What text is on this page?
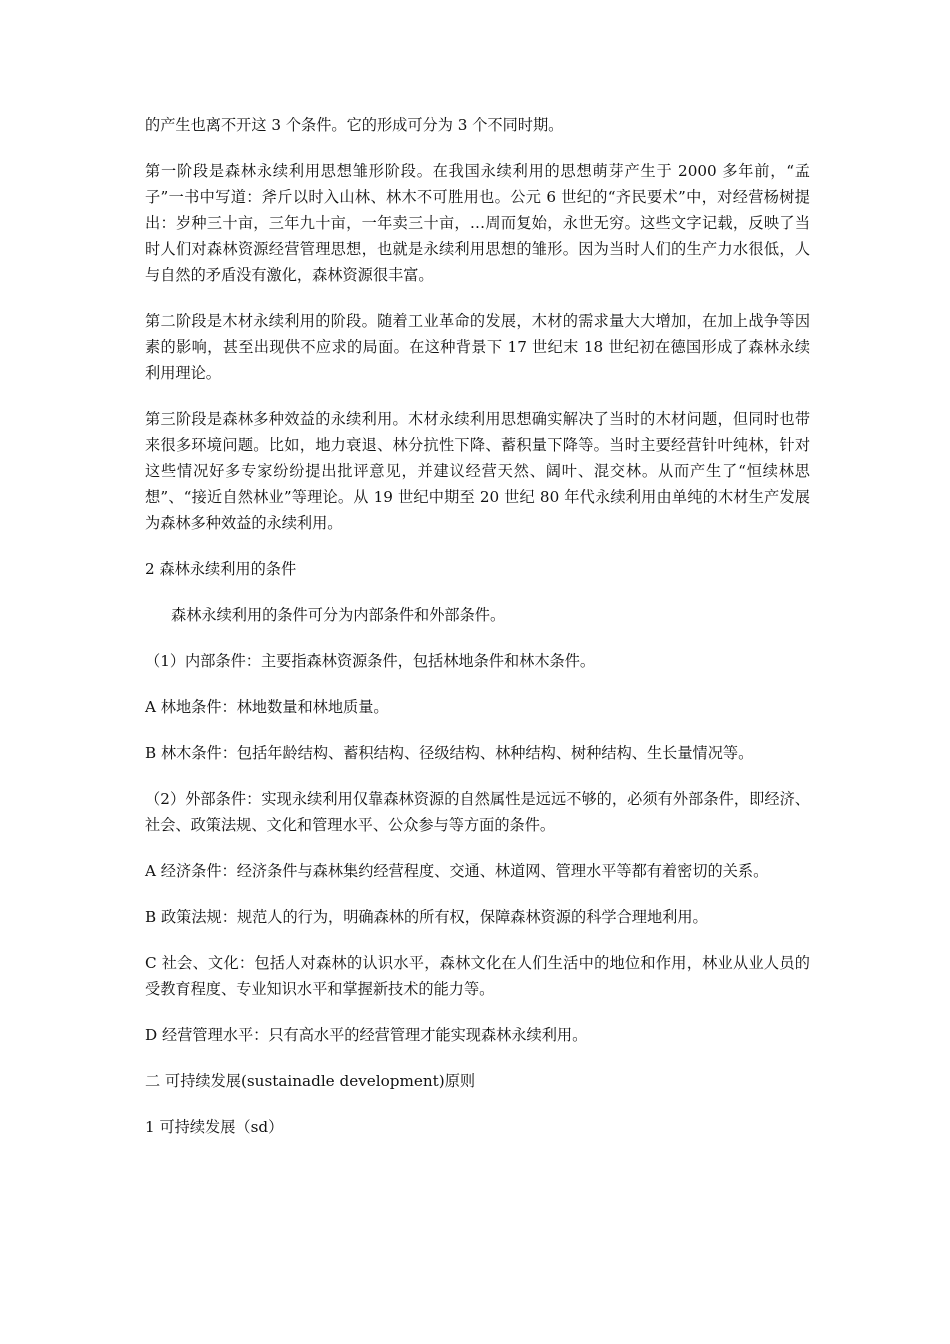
的产生也离不开这 3 个条件。它的形成可分为 3 个不同时期。

第一阶段是森林永续利用思想雏形阶段。在我国永续利用的思想萌芽产生于 2000 多年前，“孟子”一书中写道：斧斤以时入山林、林木不可胜用也。公元 6 世纪的“齐民要术”中，对经营杨树提出：岁种三十亩，三年九十亩，一年卖三十亩，…周而复始，永世无穷。这些文字记载，反映了当时人们对森林资源经营管理思想，也就是永续利用思想的雏形。因为当时人们的生产力水很低，人与自然的矛盾没有激化，森林资源很丰富。

第二阶段是木材永续利用的阶段。随着工业革命的发展，木材的需求量大大增加，在加上战争等因素的影响，甚至出现供不应求的局面。在这种背景下 17 世纪末 18 世纪初在德国形成了森林永续利用理论。

第三阶段是森林多种效益的永续利用。木材永续利用思想确实解决了当时的木材问题，但同时也带来很多环境问题。比如，地力衰退、林分抗性下降、蓄积量下降等。当时主要经营针叶纯林，针对这些情况好多专家纷纷提出批评意见，并建议经营天然、阔叶、混交林。从而产生了“恒续林思想”、“接近自然林业”等理论。从 19 世纪中期至 20 世纪 80 年代永续利用由单纯的木材生产发展为森林多种效益的永续利用。

2 森林永续利用的条件

森林永续利用的条件可分为内部条件和外部条件。

（1）内部条件：主要指森林资源条件，包括林地条件和林木条件。

A 林地条件：林地数量和林地质量。

B 林木条件：包括年龄结构、蓄积结构、径级结构、林种结构、树种结构、生长量情况等。

（2）外部条件：实现永续利用仅靠森林资源的自然属性是远远不够的，必须有外部条件，即经济、社会、政策法规、文化和管理水平、公众参与等方面的条件。

A 经济条件：经济条件与森林集约经营程度、交通、林道网、管理水平等都有着密切的关系。

B 政策法规：规范人的行为，明确森林的所有权，保障森林资源的科学合理地利用。

C 社会、文化：包括人对森林的认识水平，森林文化在人们生活中的地位和作用，林业从业人员的受教育程度、专业知识水平和掌握新技术的能力等。

D 经营管理水平：只有高水平的经营管理才能实现森林永续利用。

二 可持续发展(sustainadle development)原则

1 可持续发展（sd）
